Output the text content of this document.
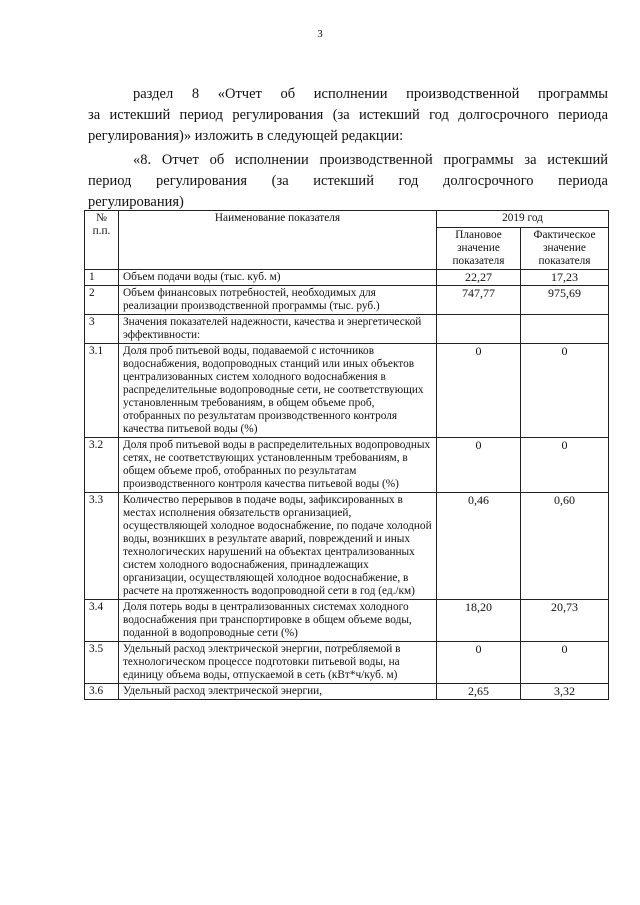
3

раздел 8 «Отчет об исполнении производственной программы

за истекший период регулирования (за истекший год долгосрочного периода

регулирования)» изложить в следующей редакции:

«8. Отчет об исполнении производственной программы за истекший

период регулирования (за истекший год долгосрочного периода

регулирования)

№ п.п.	Наименование показателя	2019 год	
		Плановое значение показателя	Фактическое значение показателя
1	Объем подачи воды (тыс. куб. м)	22,27	17,23
2	Объем финансовых потребностей, необходимых для реализации производственной программы (тыс. руб.)	747,77	975,69
3	Значения показателей надежности, качества и энергетической эффективности:		
3.1	Доля проб питьевой воды, подаваемой с источников водоснабжения, водопроводных станций или иных объектов централизованных систем холодного водоснабжения в распределительные водопроводные сети, не соответствующих установленным требованиям, в общем объеме проб, отобранных по результатам производственного контроля качества питьевой воды (%)	0	0
3.2	Доля проб питьевой воды в распределительных водопроводных сетях, не соответствующих установленным требованиям, в общем объеме проб, отобранных по результатам производственного контроля качества питьевой воды (%)	0	0
3.3	Количество перерывов в подаче воды, зафиксированных в местах исполнения обязательств организацией, осуществляющей холодное водоснабжение, по подаче холодной воды, возникших в результате аварий, повреждений и иных технологических нарушений на объектах централизованных систем холодного водоснабжения, принадлежащих организации, осуществляющей холодное водоснабжение, в расчете на протяженность водопроводной сети в год (ед./км)	0,46	0,60
3.4	Доля потерь воды в централизованных системах холодного водоснабжения при транспортировке в общем объеме воды, поданной в водопроводные сети (%)	18,20	20,73
3.5	Удельный расход электрической энергии, потребляемой в технологическом процессе подготовки питьевой воды, на единицу объема воды, отпускаемой в сеть (кВт*ч/куб. м)	0	0
3.6	Удельный расход электрической энергии,	2,65	3,32
